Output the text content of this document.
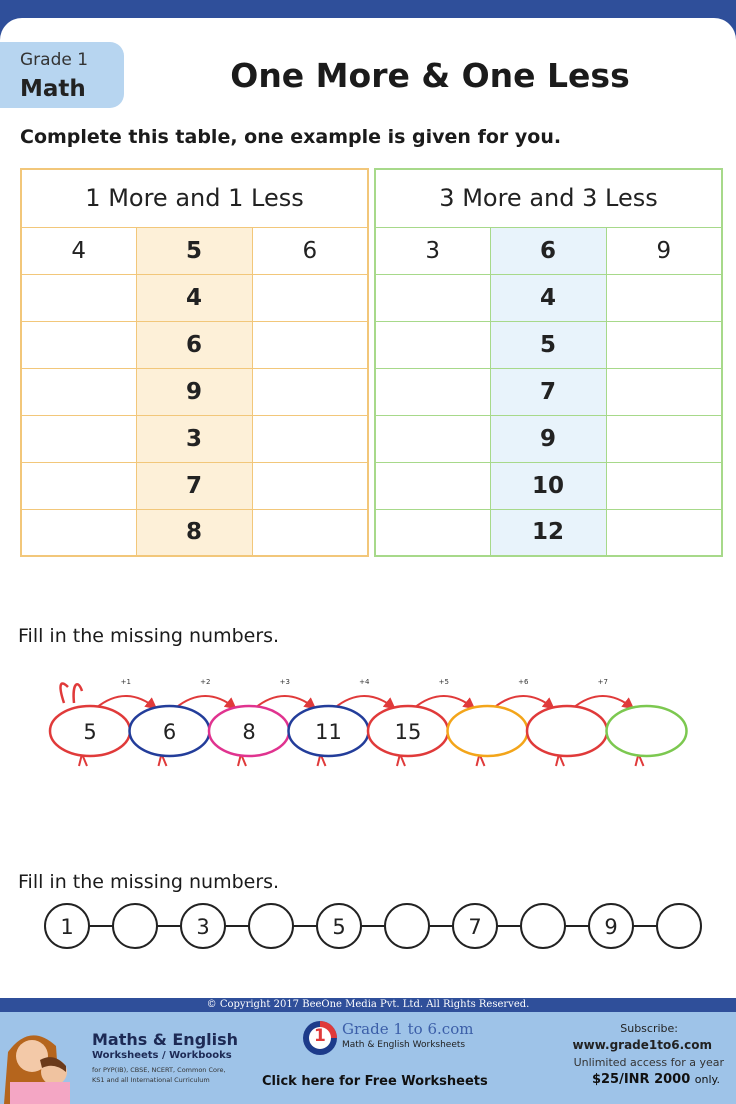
Grade 1
Math	One More & One Less
Complete this table, one example is given for you.
1 More and 1 Less		
4	5	6
	4	
	6	
	9	
	3	
	7	
	8	
3 More and 3 Less		
3	6	9
	4	
	5	
	7	
	9	
	10	
	12	
Fill in the missing numbers.
+1	+2	+3	+4	+5	+6	+7
5	6	8	11	15
Fill in the missing numbers.
1	3	5	7	9
© Copyright 2017 BeeOne Media Pvt. Ltd. All Rights Reserved.
Maths & English
Worksheets / Workbooks
for PYP(IB), CBSE, NCERT, Common Core,
KS1 and all International Curriculum
1 Grade 1 to 6.com
Math & English Worksheets
Click here for Free Worksheets
Subscribe:
www.grade1to6.com
Unlimited access for a year
$25/INR 2000 only.
